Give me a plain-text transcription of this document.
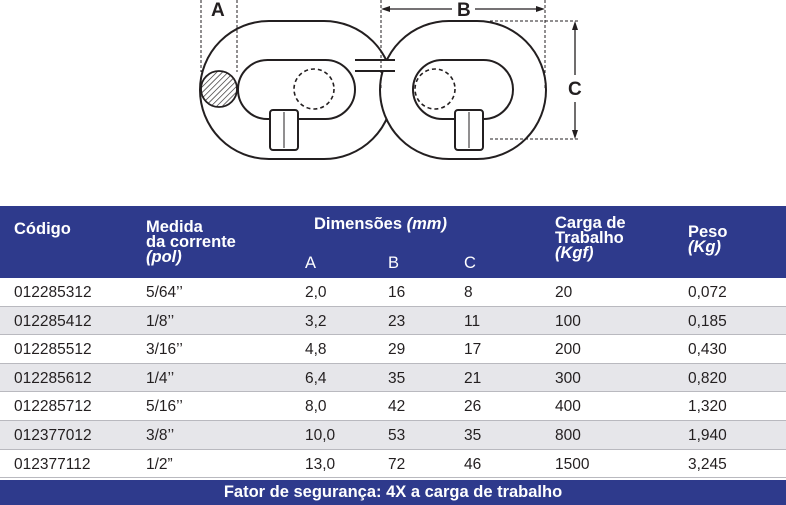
A	B
C
Código	Medida
da corrente
(pol)
Dimensões (mm)
A	B	C
Carga de
Trabalho
(Kgf)
Peso
(Kg)
012285312	5/64’’	2,0	16	8	20	0,072
012285412	1/8’’	3,2	23	11	100	0,185
012285512	3/16’’	4,8	29	17	200	0,430
012285612	1/4’’	6,4	35	21	300	0,820
012285712	5/16’’	8,0	42	26	400	1,320
012377012	3/8’’	10,0	53	35	800	1,940
012377112	1/2”	13,0	72	46	1500	3,245
Fator de segurança: 4X a carga de trabalho
